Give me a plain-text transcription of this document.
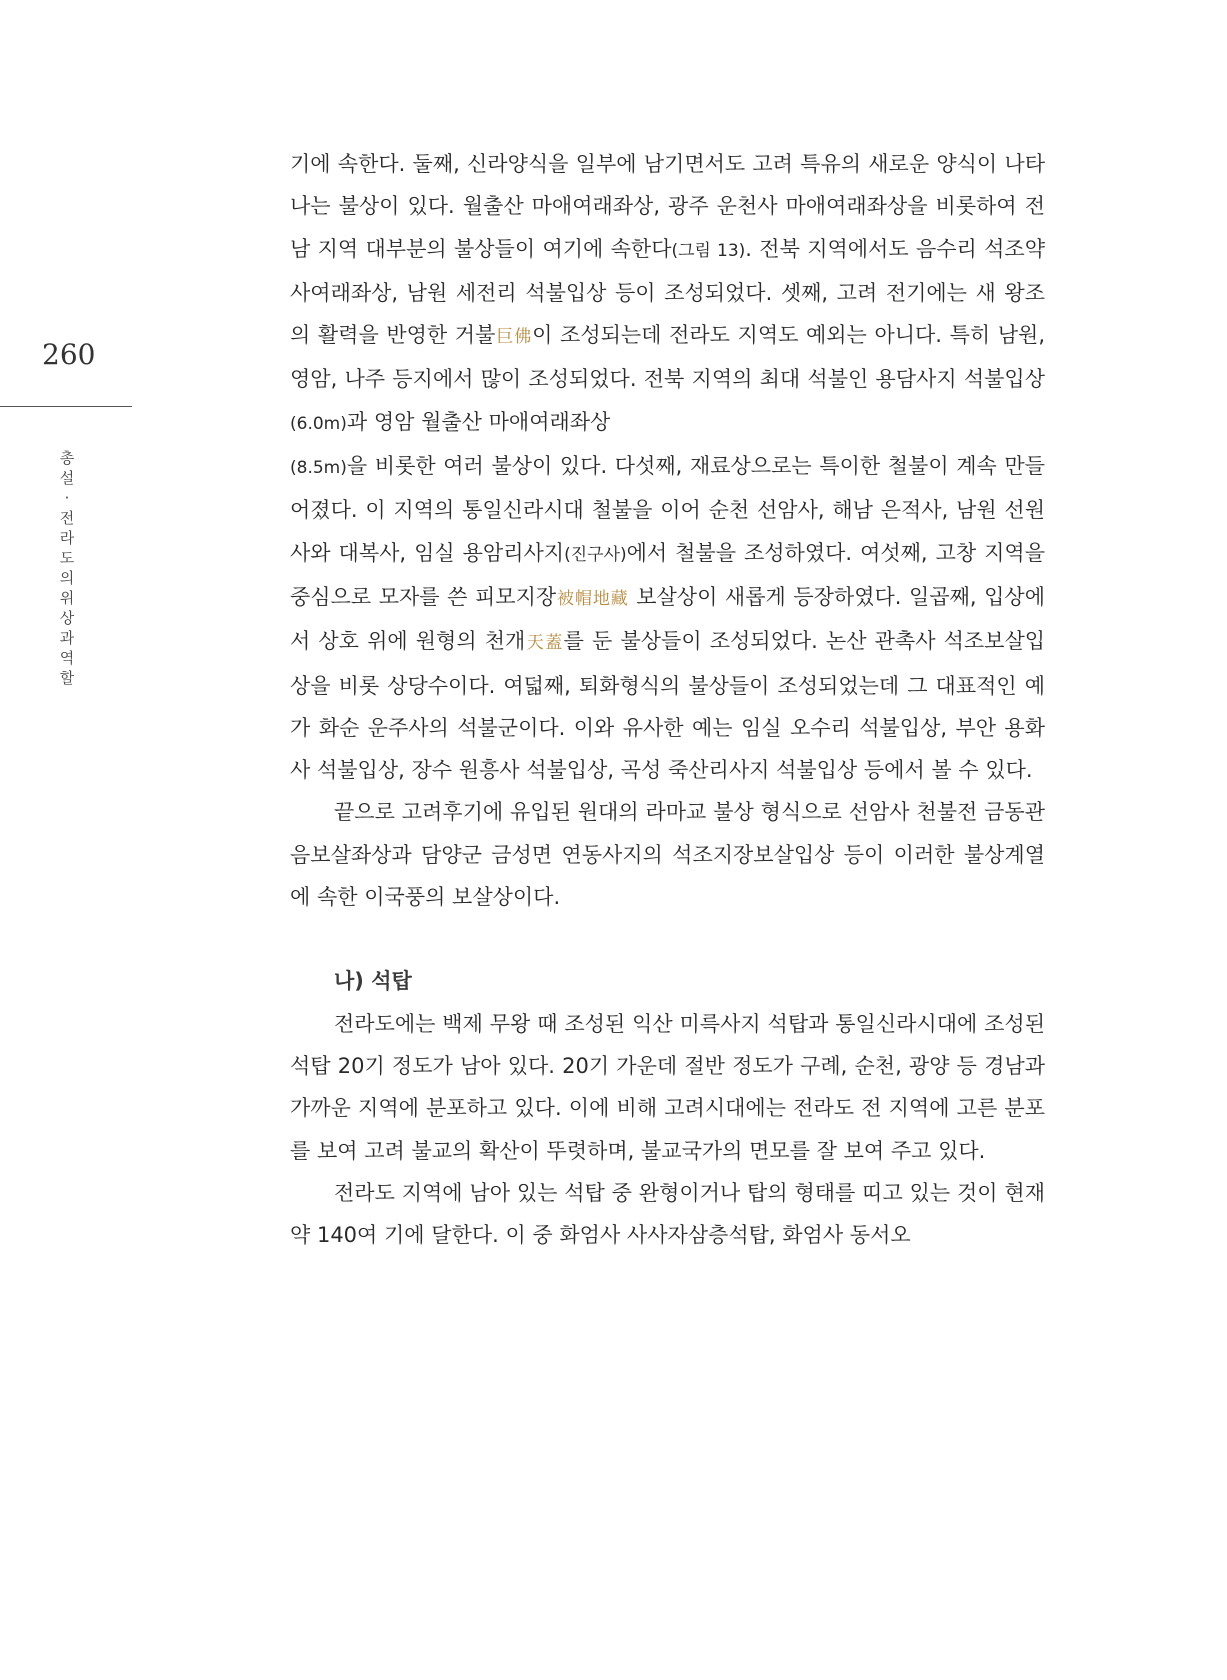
260
총
설
·
전
라
도
의
위
상
과
역
할

기에 속한다. 둘째, 신라양식을 일부에 남기면서도 고려 특유의 새로운 양식이 나타나는 불상이 있다. 월출산 마애여래좌상, 광주 운천사 마애여래좌상을 비롯하여 전남 지역 대부분의 불상들이 여기에 속한다(그림 13). 전북 지역에서도 음수리 석조약사여래좌상, 남원 세전리 석불입상 등이 조성되었다. 셋째, 고려 전기에는 새 왕조의 활력을 반영한 거불巨佛이 조성되는데 전라도 지역도 예외는 아니다. 특히 남원, 영암, 나주 등지에서 많이 조성되었다. 전북 지역의 최대 석불인 용담사지 석불입상(6.0m)과 영암 월출산 마애여래좌상
(8.5m)을 비롯한 여러 불상이 있다. 다섯째, 재료상으로는 특이한 철불이 계속 만들어졌다. 이 지역의 통일신라시대 철불을 이어 순천 선암사, 해남 은적사, 남원 선원사와 대복사, 임실 용암리사지(진구사)에서 철불을 조성하였다. 여섯째, 고창 지역을 중심으로 모자를 쓴 피모지장被帽地藏 보살상이 새롭게 등장하였다. 일곱째, 입상에서 상호 위에 원형의 천개天蓋를 둔 불상들이 조성되었다. 논산 관촉사 석조보살입상을 비롯 상당수이다. 여덟째, 퇴화형식의 불상들이 조성되었는데 그 대표적인 예가 화순 운주사의 석불군이다. 이와 유사한 예는 임실 오수리 석불입상, 부안 용화사 석불입상, 장수 원흥사 석불입상, 곡성 죽산리사지 석불입상 등에서 볼 수 있다.

끝으로 고려후기에 유입된 원대의 라마교 불상 형식으로 선암사 천불전 금동관음보살좌상과 담양군 금성면 연동사지의 석조지장보살입상 등이 이러한 불상계열에 속한 이국풍의 보살상이다.

나) 석탑

전라도에는 백제 무왕 때 조성된 익산 미륵사지 석탑과 통일신라시대에 조성된 석탑 20기 정도가 남아 있다. 20기 가운데 절반 정도가 구례, 순천, 광양 등 경남과 가까운 지역에 분포하고 있다. 이에 비해 고려시대에는 전라도 전 지역에 고른 분포를 보여 고려 불교의 확산이 뚜렷하며, 불교국가의 면모를 잘 보여 주고 있다.

전라도 지역에 남아 있는 석탑 중 완형이거나 탑의 형태를 띠고 있는 것이 현재 약 140여 기에 달한다. 이 중 화엄사 사사자삼층석탑, 화엄사 동서오
